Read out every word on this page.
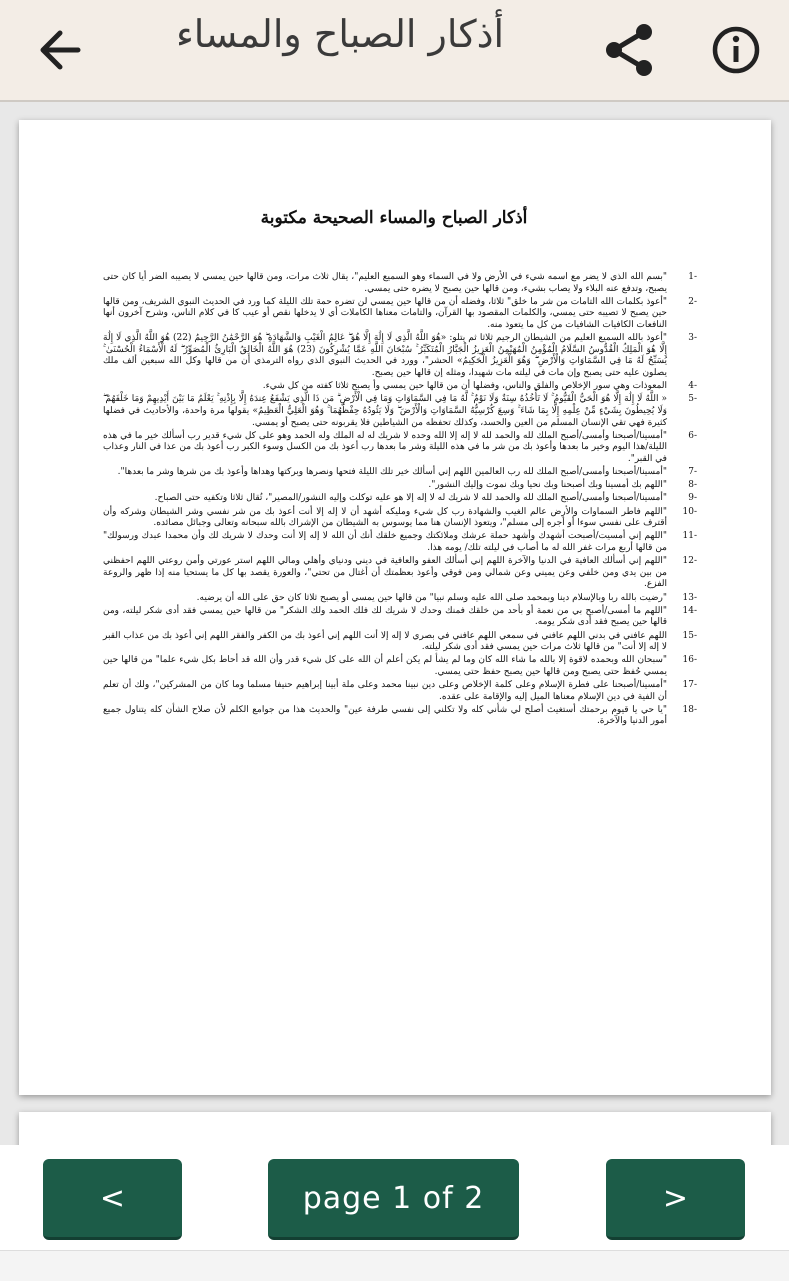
أذكار الصباح والمساء
أذكار الصباح والمساء الصحيحة مكتوبة
-1
"بسم الله الذي لا يضر مع اسمه شيء في الأرض ولا في السماء وهو السميع العليم"، يقال ثلاث مرات، ومن قالها حين يمسي لا يصيبه الضر أيا كان حتى يصبح، وتدفع عنه البلاء ولا يصاب بشيء، ومن قالها حين يصبح لا يضره حتى يمسي.
-2
"أعوذ بكلمات الله التامات من شر ما خلق" ثلاثا، وفضله أن من قالها حين يمسي لن تضره حمة تلك الليلة كما ورد في الحديث النبوي الشريف، ومن قالها حين يصبح لا تصيبه حتى يمسي، والكلمات المقصود بها القرآن، والتامات معناها الكاملات أي لا يدخلها نقص أو عيب كا في كلام الناس، وشرح آخرون أنها النافعات الكافيات الشافيات من كل ما يتعوذ منه.
-3
"أعوذ بالله السميع العليم من الشيطان الرجيم ثلاثا ثم يتلو: «هُوَ اللَّهُ الَّذِي لَا إِلَٰهَ إِلَّا هُوَ ۖ عَالِمُ الْغَيْبِ وَالشَّهَادَةِ ۖ هُوَ الرَّحْمَٰنُ الرَّحِيمُ (22) هُوَ اللَّهُ الَّذِي لَا إِلَٰهَ إِلَّا هُوَ الْمَلِكُ الْقُدُّوسُ السَّلَامُ الْمُؤْمِنُ الْمُهَيْمِنُ الْعَزِيزُ الْجَبَّارُ الْمُتَكَبِّرُ ۚ سُبْحَانَ اللَّهِ عَمَّا يُشْرِكُونَ (23) هُوَ اللَّهُ الْخَالِقُ الْبَارِئُ الْمُصَوِّرُ ۖ لَهُ الْأَسْمَاءُ الْحُسْنَىٰ ۚ يُسَبِّحُ لَهُ مَا فِي السَّمَاوَاتِ وَالْأَرْضِ ۖ وَهُوَ الْعَزِيزُ الْحَكِيمُ» الحشر"، وورد في الحديث النبوي الذي رواه الترمذي أن من قالها وكل الله سبعين ألف ملك يصلون عليه حتى يصبح وإن مات في ليلته مات شهيدا، ومثله إن قالها حين يصبح.
-4
المعوذات وهي سور الإخلاص والفلق والناس، وفضلها أن من قالها حين يمسي وأ يصبح ثلاثا كفته من كل شيء.
-5
« اللَّهُ لَا إِلَٰهَ إِلَّا هُوَ الْحَيُّ الْقَيُّومُ ۚ لَا تَأْخُذُهُ سِنَةٌ وَلَا نَوْمٌ ۚ لَّهُ مَا فِي السَّمَاوَاتِ وَمَا فِي الْأَرْضِ ۗ مَن ذَا الَّذِي يَشْفَعُ عِندَهُ إِلَّا بِإِذْنِهِ ۚ يَعْلَمُ مَا بَيْنَ أَيْدِيهِمْ وَمَا خَلْفَهُمْ ۖ وَلَا يُحِيطُونَ بِشَيْءٍ مِّنْ عِلْمِهِ إِلَّا بِمَا شَاءَ ۚ وَسِعَ كُرْسِيُّهُ السَّمَاوَاتِ وَالْأَرْضَ ۖ وَلَا يَئُودُهُ حِفْظُهُمَا ۚ وَهُوَ الْعَلِيُّ الْعَظِيمُ» يقولها مرة واحدة، والأحاديث في فضلها كثيرة فهي تقي الإنسان المسلم من العين والحسد، وكذلك تحفظه من الشياطين فلا يقربونه حتى يصبح أو يمسي.
-6
"أمسينا/أصبحنا وأمسى/أصبح الملك لله والحمد لله لا إله إلا الله وحده لا شريك له له الملك وله الحمد وهو على كل شيء قدير رب أسألك خير ما في هذه الليلة/هذا اليوم وخير ما بعدها وأعوذ بك من شر ما في هذه الليلة وشر ما بعدها رب أعوذ بك من الكسل وسوء الكبر رب أعوذ بك من عذا في النار وعذاب في القبر".
-7
"أمسينا/أصبحنا وأمسى/أصبح الملك لله رب العالمين اللهم إني أسألك خير تلك الليلة فتحها ونصرها وبركتها وهداها وأعوذ بك من شرها وشر ما بعدها".
-8
"اللهم بك أمسينا وبك أصبحنا وبك نحيا وبك نموت وإليك النشور".
-9
"أمسينا/أصبحنا وأمسى/أصبح الملك لله والحمد لله لا شريك له لا إله إلا هو عليه توكلت وإليه النشور/المصير"، تُقال ثلاثا وتكفيه حتى الصباح.
-10
"اللهم فاطر السماوات والأرض عالم الغيب والشهادة رب كل شيء ومليكه أشهد أن لا إله إلا أنت أعوذ بك من شر نفسي وشر الشيطان وشركه وأن أقترف على نفسي سوءا أو أجره إلى مسلم"، ويتعوذ الإنسان هنا مما يوسوس به الشيطان من الإشراك بالله سبحانه وتعالى وجبائل مصائده.
-11
"اللهم إني أمسيت/أصبحت أشهدك وأشهد حملة عرشك وملائكتك وجميع خلقك أنك أن الله لا إله إلا أنت وحدك لا شريك لك وأن محمدا عبدك ورسولك" من قالها أربع مرات غفر الله له ما أصاب في ليلته تلك/ يومه هذا.
-12
"اللهم إني أسألك العافية في الدنيا والآخرة اللهم إني أسألك العفو والعافية في ديني ودنياي وأهلي ومالي اللهم استر عورتي وأمن روعتي اللهم احفظني من بين يدي ومن خلفي وعن يميني وعن شمالي ومن فوقي وأعوذ بعظمتك أن أغتال من تحتي"، والعورة يقصد بها كل ما يستحيا منه إذا ظهر والروعة الفزع.
-13
"رضيت بالله ربا وبالإسلام دينا وبمحمد صلى الله عليه وسلم نبيا" من قالها حين يمسي أو يصبح ثلاثا كان حق على الله أن يرضيه.
-14
"اللهم ما أمسى/أصبح بي من نعمة أو بأحد من خلقك فمنك وحدك لا شريك لك فلك الحمد ولك الشكر" من قالها حين يمسي فقد أدى شكر ليلته، ومن قالها حين يصبح فقد أدى شكر يومه.
-15
اللهم عافني في بدني اللهم عافني في سمعي اللهم عافني في بصري لا إله إلا أنت اللهم إني أعوذ بك من الكفر والفقر اللهم إني أعوذ بك من عذاب القبر لا إله إلا أنت" من قالها ثلاث مرات حين يمسي فقد أدى شكر ليلته.
-16
"سبحان الله وبحمده لاقوة إلا بالله ما شاء الله كان وما لم يشأ لم يكن أعلم أن الله على كل شيء قدر وأن الله قد أحاط بكل شيء علما" من قالها حين يمسي حُفظ حتى يصبح ومن قالها حين يصبح حفظ حتى يمسي.
-17
"أمسينا/أصبحنا على فطرة الإسلام وعلى كلمة الإخلاص وعلى دين نبينا محمد وعلى ملة أبينا إبراهيم حنيفا مسلما وما كان من المشركين"، ولك أن تعلم أن الفية في دين الإسلام معناها الميل إليه والإقامة على عقده.
-18
"يا حي يا قيوم برحمتك أستغيث أصلح لي شأني كله ولا تكلني إلى نفسي طرفة عين" والحديث هذا من جوامع الكلم لأن صلاح الشأن كله يتناول جميع أمور الدنيا والآخرة.
<	page 1 of 2	>
